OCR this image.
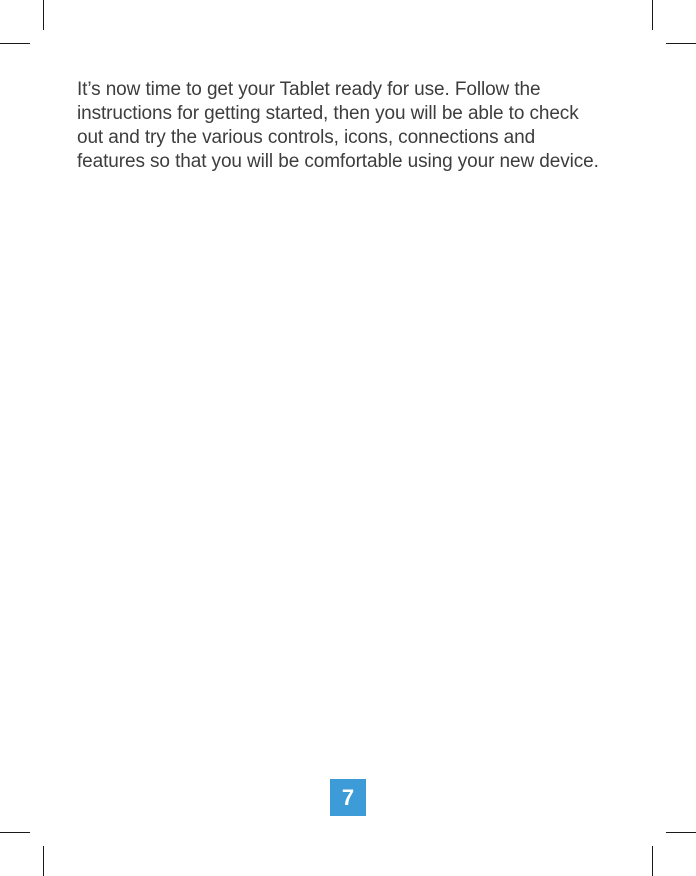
It’s now time to get your Tablet ready for use. Follow the
instructions for getting started, then you will be able to check
out and try the various controls, icons, connections and
features so that you will be comfortable using your new device.

7
